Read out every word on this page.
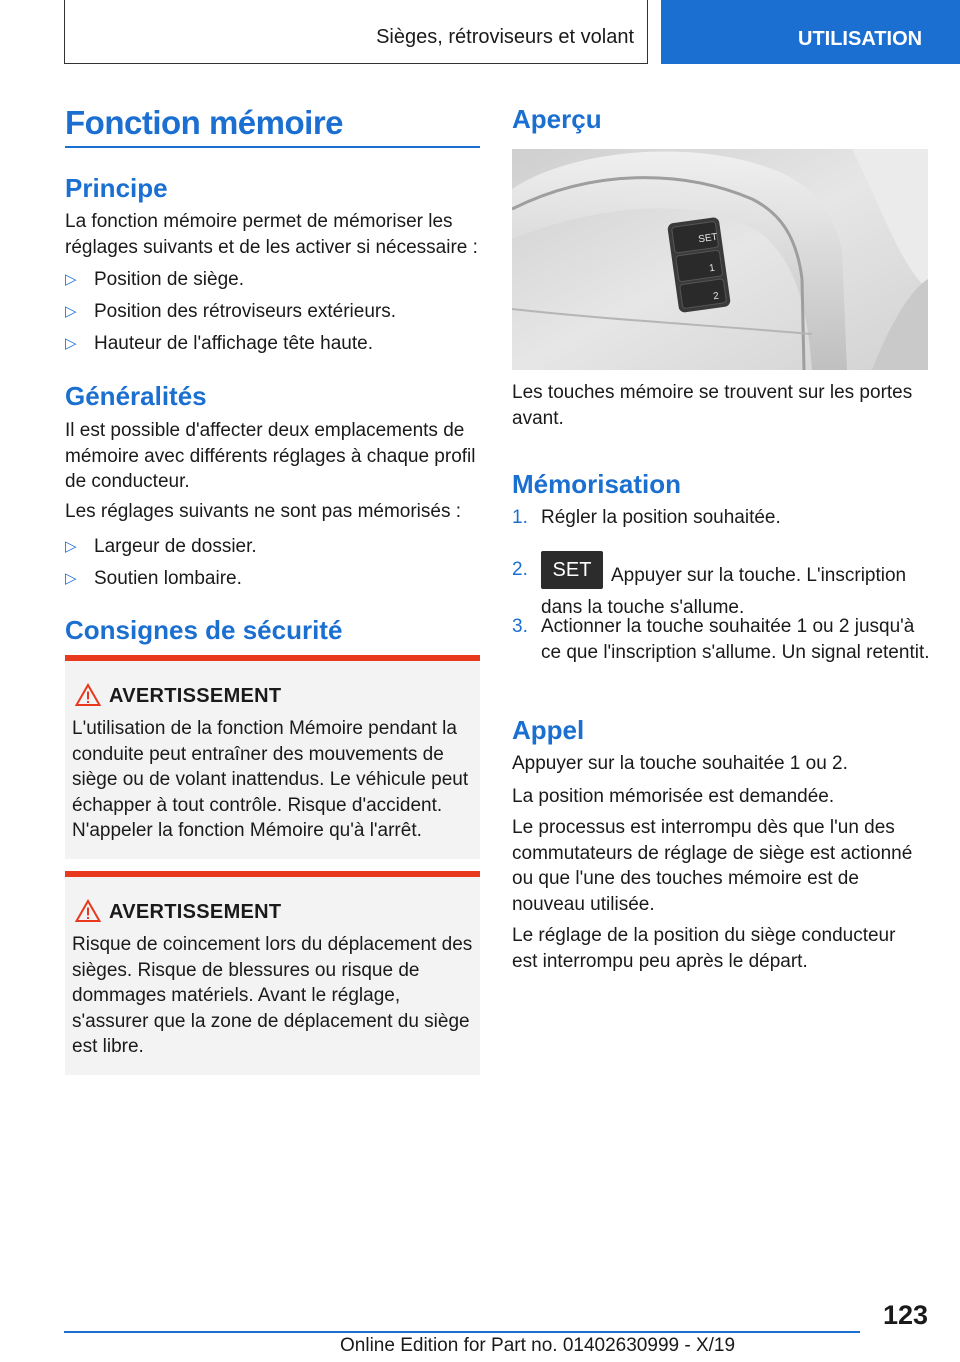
Sièges, rétroviseurs et volant	UTILISATION
Fonction mémoire
Principe
La fonction mémoire permet de mémoriser les réglages suivants et de les activer si nécessaire :
▷ Position de siège.
▷ Position des rétroviseurs extérieurs.
▷ Hauteur de l'affichage tête haute.
Généralités
Il est possible d'affecter deux emplacements de mémoire avec différents réglages à chaque profil de conducteur.
Les réglages suivants ne sont pas mémorisés :
▷ Largeur de dossier.
▷ Soutien lombaire.
Consignes de sécurité
AVERTISSEMENT
L'utilisation de la fonction Mémoire pendant la conduite peut entraîner des mouvements de siège ou de volant inattendus. Le véhicule peut échapper à tout contrôle. Risque d'accident. N'appeler la fonction Mémoire qu'à l'arrêt.
AVERTISSEMENT
Risque de coincement lors du déplacement des sièges. Risque de blessures ou risque de dommages matériels. Avant le réglage, s'assurer que la zone de déplacement du siège est libre.
Aperçu
SET
1
2
Les touches mémoire se trouvent sur les portes avant.
Mémorisation
1. Régler la position souhaitée.
2.	SET Appuyer sur la touche. L'inscription dans la touche s'allume.
3. Actionner la touche souhaitée 1 ou 2 jusqu'à ce que l'inscription s'allume. Un signal retentit.
Appel
Appuyer sur la touche souhaitée 1 ou 2.
La position mémorisée est demandée.
Le processus est interrompu dès que l'un des commutateurs de réglage de siège est actionné ou que l'une des touches mémoire est de nouveau utilisée.
Le réglage de la position du siège conducteur est interrompu peu après le départ.
123
Online Edition for Part no. 01402630999 - X/19
